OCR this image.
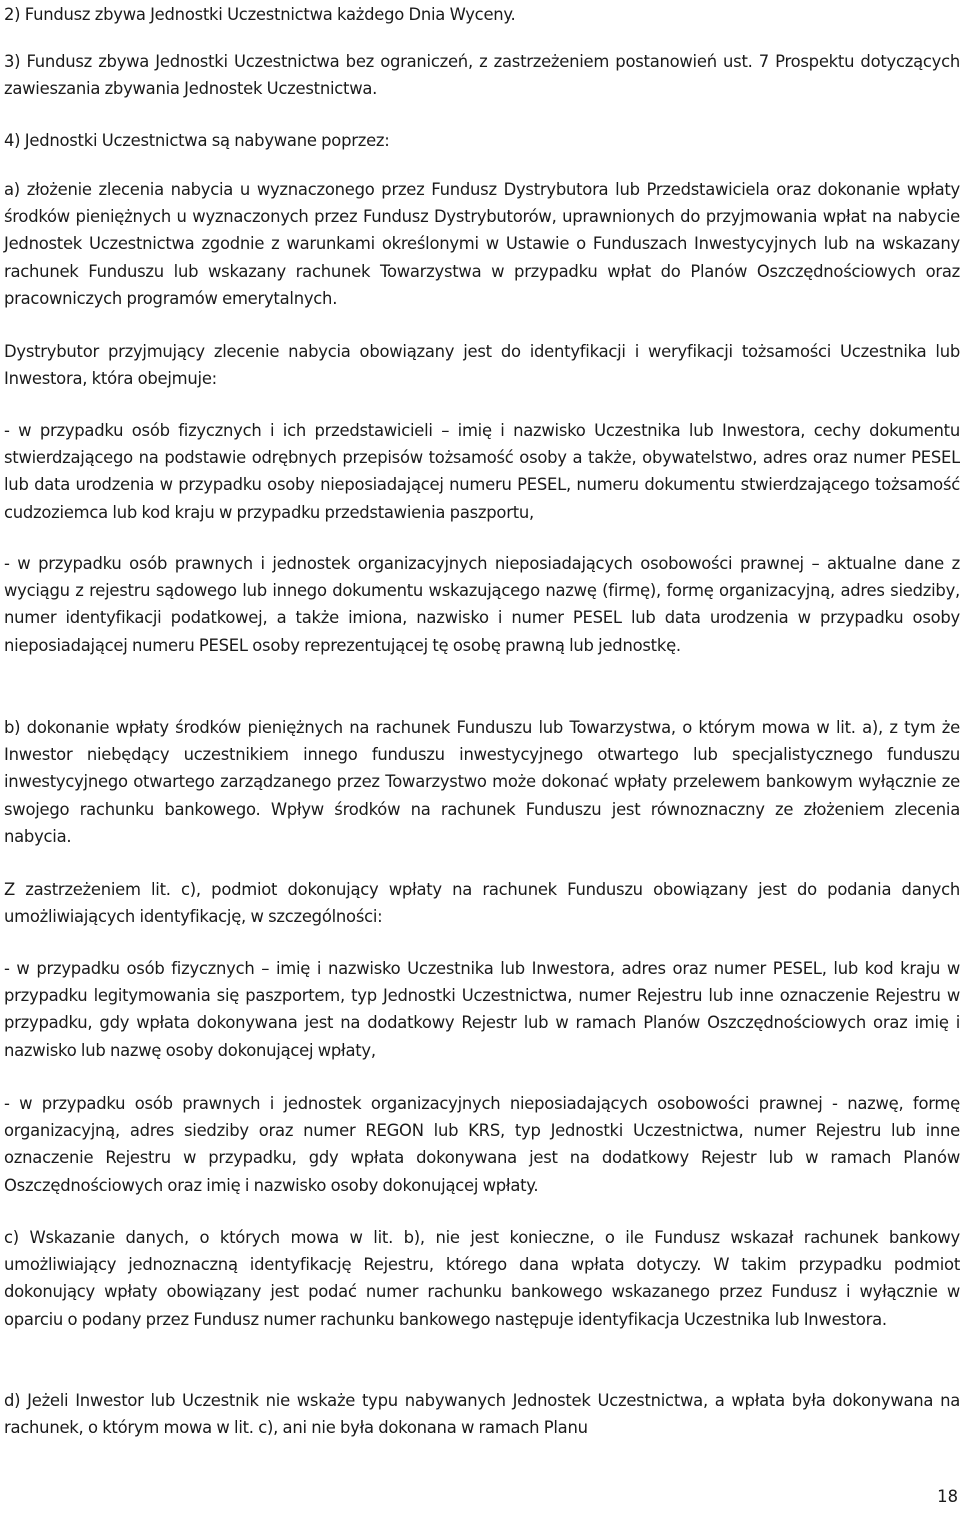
2) Fundusz zbywa Jednostki Uczestnictwa każdego Dnia Wyceny.

3) Fundusz zbywa Jednostki Uczestnictwa bez ograniczeń, z zastrzeżeniem postanowień ust. 7 Prospektu dotyczących zawieszania zbywania Jednostek Uczestnictwa.

4) Jednostki Uczestnictwa są nabywane poprzez:

a) złożenie zlecenia nabycia u wyznaczonego przez Fundusz Dystrybutora lub Przedstawiciela oraz dokonanie wpłaty środków pieniężnych u wyznaczonych przez Fundusz Dystrybutorów, uprawnionych do przyjmowania wpłat na nabycie Jednostek Uczestnictwa zgodnie z warunkami określonymi w Ustawie o Funduszach Inwestycyjnych lub na wskazany rachunek Funduszu lub wskazany rachunek Towarzystwa w przypadku wpłat do Planów Oszczędnościowych oraz pracowniczych programów emerytalnych.

Dystrybutor przyjmujący zlecenie nabycia obowiązany jest do identyfikacji i weryfikacji tożsamości Uczestnika lub Inwestora, która obejmuje:

- w przypadku osób fizycznych i ich przedstawicieli – imię i nazwisko Uczestnika lub Inwestora, cechy dokumentu stwierdzającego na podstawie odrębnych przepisów tożsamość osoby a także, obywatelstwo, adres oraz numer PESEL lub data urodzenia w przypadku osoby nieposiadającej numeru PESEL, numeru dokumentu stwierdzającego tożsamość cudzoziemca lub kod kraju w przypadku przedstawienia paszportu,

- w przypadku osób prawnych i jednostek organizacyjnych nieposiadających osobowości prawnej – aktualne dane z wyciągu z rejestru sądowego lub innego dokumentu wskazującego nazwę (firmę), formę organizacyjną, adres siedziby, numer identyfikacji podatkowej, a także imiona, nazwisko i numer PESEL lub data urodzenia w przypadku osoby nieposiadającej numeru PESEL osoby reprezentującej tę osobę prawną lub jednostkę.

b) dokonanie wpłaty środków pieniężnych na rachunek Funduszu lub Towarzystwa, o którym mowa w lit. a), z tym że Inwestor niebędący uczestnikiem innego funduszu inwestycyjnego otwartego lub specjalistycznego funduszu inwestycyjnego otwartego zarządzanego przez Towarzystwo może dokonać wpłaty przelewem bankowym wyłącznie ze swojego rachunku bankowego. Wpływ środków na rachunek Funduszu jest równoznaczny ze złożeniem zlecenia nabycia.

Z zastrzeżeniem lit. c), podmiot dokonujący wpłaty na rachunek Funduszu obowiązany jest do podania danych umożliwiających identyfikację, w szczególności:

- w przypadku osób fizycznych – imię i nazwisko Uczestnika lub Inwestora, adres oraz numer PESEL, lub kod kraju w przypadku legitymowania się paszportem, typ Jednostki Uczestnictwa, numer Rejestru lub inne oznaczenie Rejestru w przypadku, gdy wpłata dokonywana jest na dodatkowy Rejestr lub w ramach Planów Oszczędnościowych oraz imię i nazwisko lub nazwę osoby dokonującej wpłaty,

- w przypadku osób prawnych i jednostek organizacyjnych nieposiadających osobowości prawnej - nazwę, formę organizacyjną, adres siedziby oraz numer REGON lub KRS, typ Jednostki Uczestnictwa, numer Rejestru lub inne oznaczenie Rejestru w przypadku, gdy wpłata dokonywana jest na dodatkowy Rejestr lub w ramach Planów Oszczędnościowych oraz imię i nazwisko osoby dokonującej wpłaty.

c) Wskazanie danych, o których mowa w lit. b), nie jest konieczne, o ile Fundusz wskazał rachunek bankowy umożliwiający jednoznaczną identyfikację Rejestru, którego dana wpłata dotyczy. W takim przypadku podmiot dokonujący wpłaty obowiązany jest podać numer rachunku bankowego wskazanego przez Fundusz i wyłącznie w oparciu o podany przez Fundusz numer rachunku bankowego następuje identyfikacja Uczestnika lub Inwestora.

d) Jeżeli Inwestor lub Uczestnik nie wskaże typu nabywanych Jednostek Uczestnictwa, a wpłata była dokonywana na rachunek, o którym mowa w lit. c), ani nie była dokonana w ramach Planu

18
